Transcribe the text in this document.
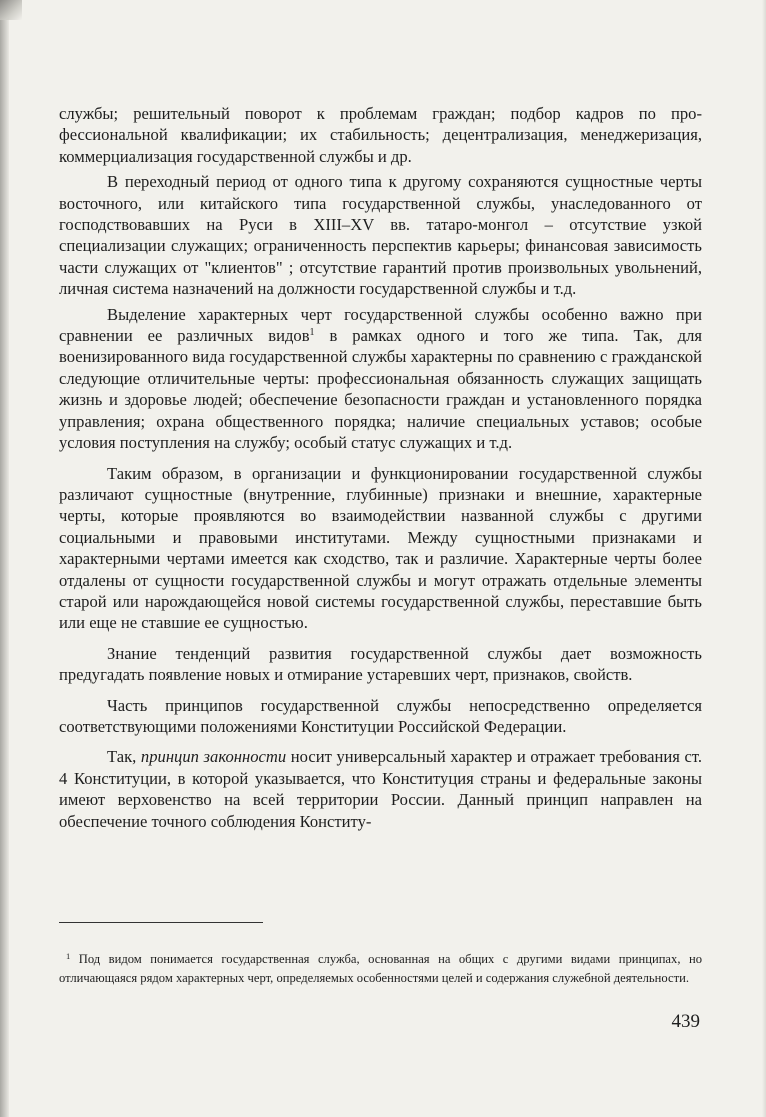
службы; решительный поворот к проблемам граждан; подбор кадров по профессиональной квалификации; их стабильность; децентрализация, менеджеризация, коммерциализация государственной службы и др.

В переходный период от одного типа к другому сохраняются сущностные черты восточного, или китайского типа государственной службы, унаследованного от господствовавших на Руси в XIII–XV вв. татаро-монгол – отсутствие узкой специализации служащих; ограниченность перспектив карьеры; финансовая зависимость части служащих от "клиентов" ; отсутствие гарантий против произвольных увольнений, личная система назначений на должности государственной службы и т.д.

Выделение характерных черт государственной службы особенно важно при сравнении ее различных видов$^1$ в рамках одного и того же типа. Так, для военизированного вида государственной службы характерны по сравнению с гражданской следующие отличительные черты: профессиональная обязанность служащих защищать жизнь и здоровье людей; обеспечение безопасности граждан и установленного порядка управления; охрана общественного порядка; наличие специальных уставов; особые условия поступления на службу; особый статус служащих и т.д.

Таким образом, в организации и функционировании государственной службы различают сущностные (внутренние, глубинные) признаки и внешние, характерные черты, которые проявляются во взаимодействии названной службы с другими социальными и правовыми институтами. Между сущностными признаками и характерными чертами имеется как сходство, так и различие. Характерные черты более отдалены от сущности государственной службы и могут отражать отдельные элементы старой или нарождающейся новой системы государственной службы, переставшие быть или еще не ставшие ее сущностью.

Знание тенденций развития государственной службы дает возможность предугадать появление новых и отмирание устаревших черт, признаков, свойств.

Часть принципов государственной службы непосредственно определяется соответствующими положениями Конституции Российской Федерации.

Так, принцип законности носит универсальный характер и отражает требования ст. 4 Конституции, в которой указывается, что Конституция страны и федеральные законы имеют верховенство на всей территории России. Данный принцип направлен на обеспечение точного соблюдения Конститу-

$^1$ Под видом понимается государственная служба, основанная на общих с другими видами принципах, но отличающаяся рядом характерных черт, определяемых особенностями целей и содержания служебной деятельности.

439
